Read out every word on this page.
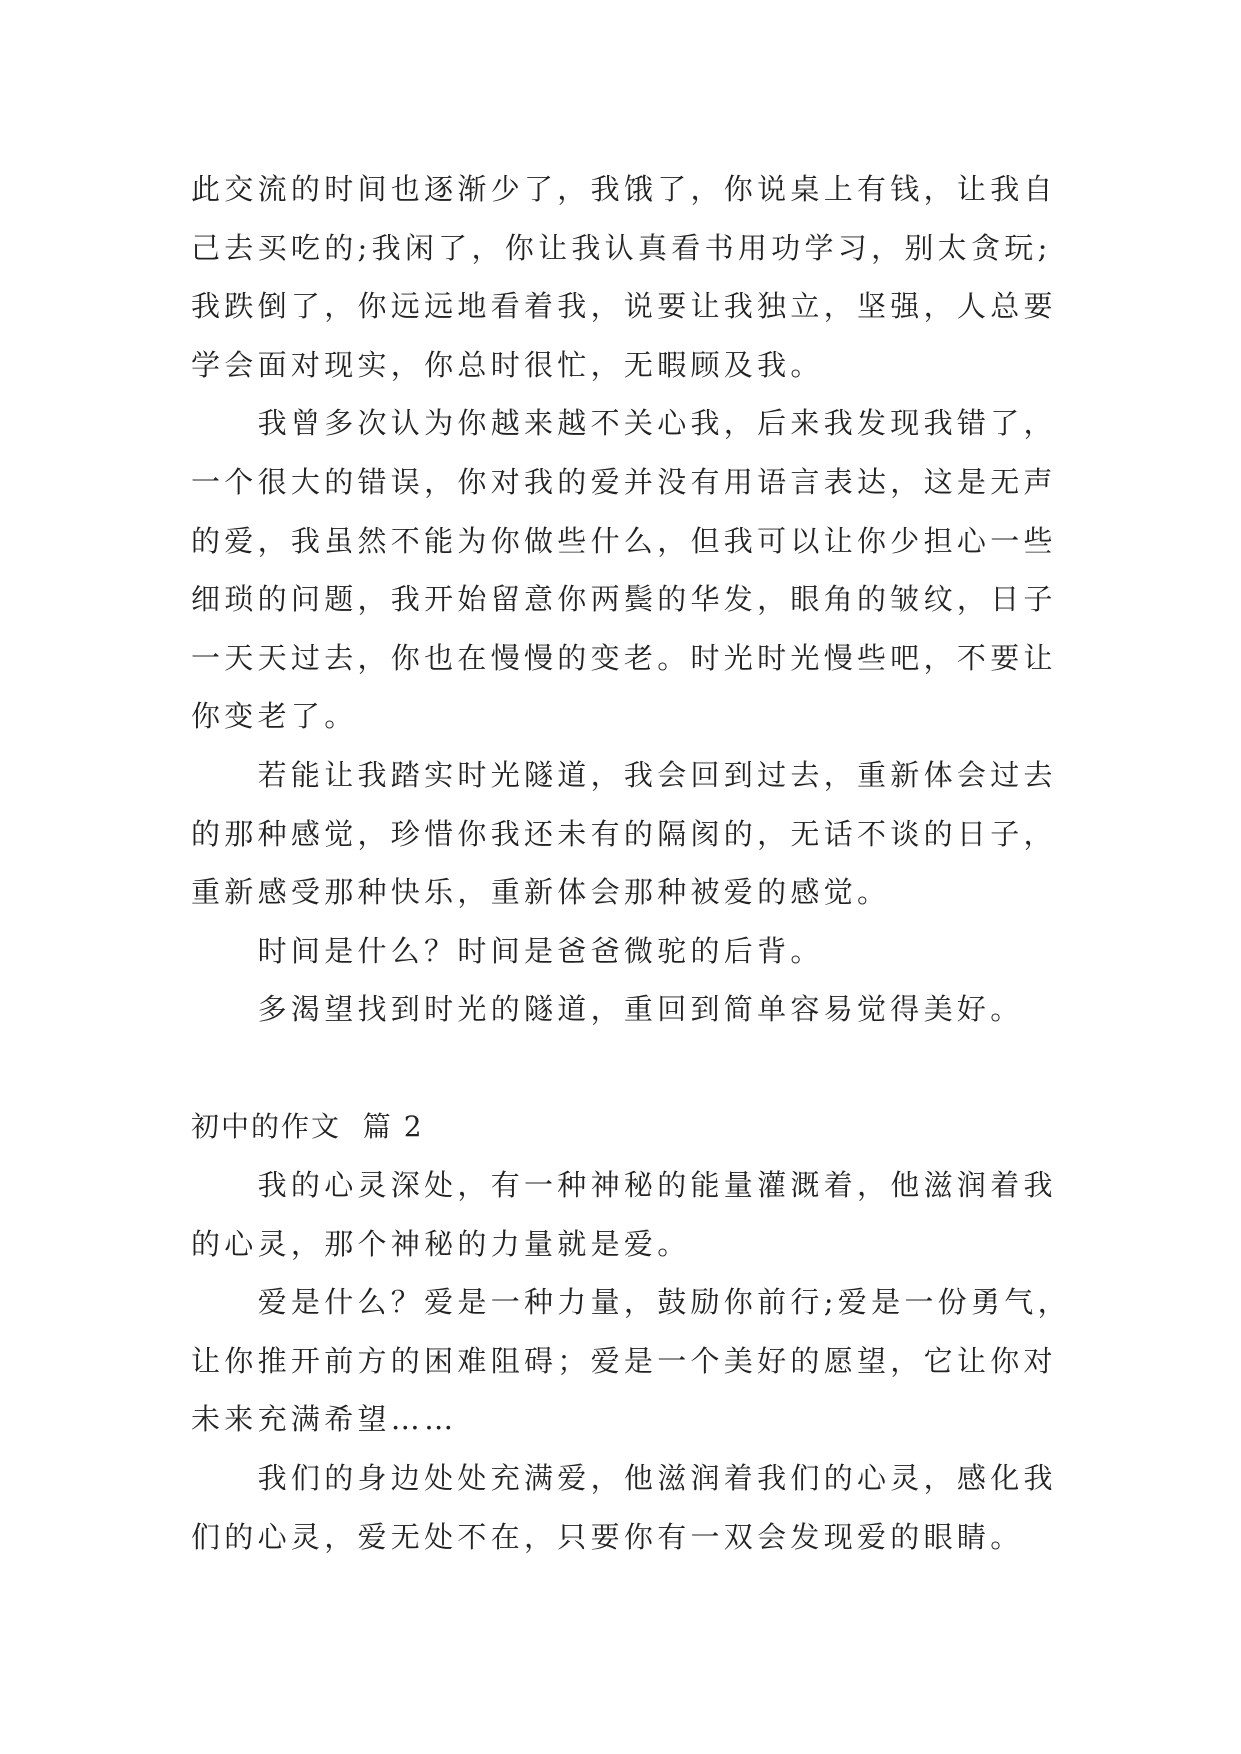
此交流的时间也逐渐少了，我饿了，你说桌上有钱，让我自
己去买吃的;我闲了，你让我认真看书用功学习，别太贪玩;
我跌倒了，你远远地看着我，说要让我独立，坚强，人总要
学会面对现实，你总时很忙，无暇顾及我。
我曾多次认为你越来越不关心我，后来我发现我错了，
一个很大的错误，你对我的爱并没有用语言表达，这是无声
的爱，我虽然不能为你做些什么，但我可以让你少担心一些
细琐的问题，我开始留意你两鬓的华发，眼角的皱纹，日子
一天天过去，你也在慢慢的变老。时光时光慢些吧，不要让
你变老了。
若能让我踏实时光隧道，我会回到过去，重新体会过去
的那种感觉，珍惜你我还未有的隔阂的，无话不谈的日子，
重新感受那种快乐，重新体会那种被爱的感觉。
时间是什么？时间是爸爸微驼的后背。
多渴望找到时光的隧道，重回到简单容易觉得美好。
初中的作文  篇 2
我的心灵深处，有一种神秘的能量灌溉着，他滋润着我
的心灵，那个神秘的力量就是爱。
爱是什么？爱是一种力量，鼓励你前行;爱是一份勇气，
让你推开前方的困难阻碍；爱是一个美好的愿望，它让你对
未来充满希望……
我们的身边处处充满爱，他滋润着我们的心灵，感化我
们的心灵，爱无处不在，只要你有一双会发现爱的眼睛。
